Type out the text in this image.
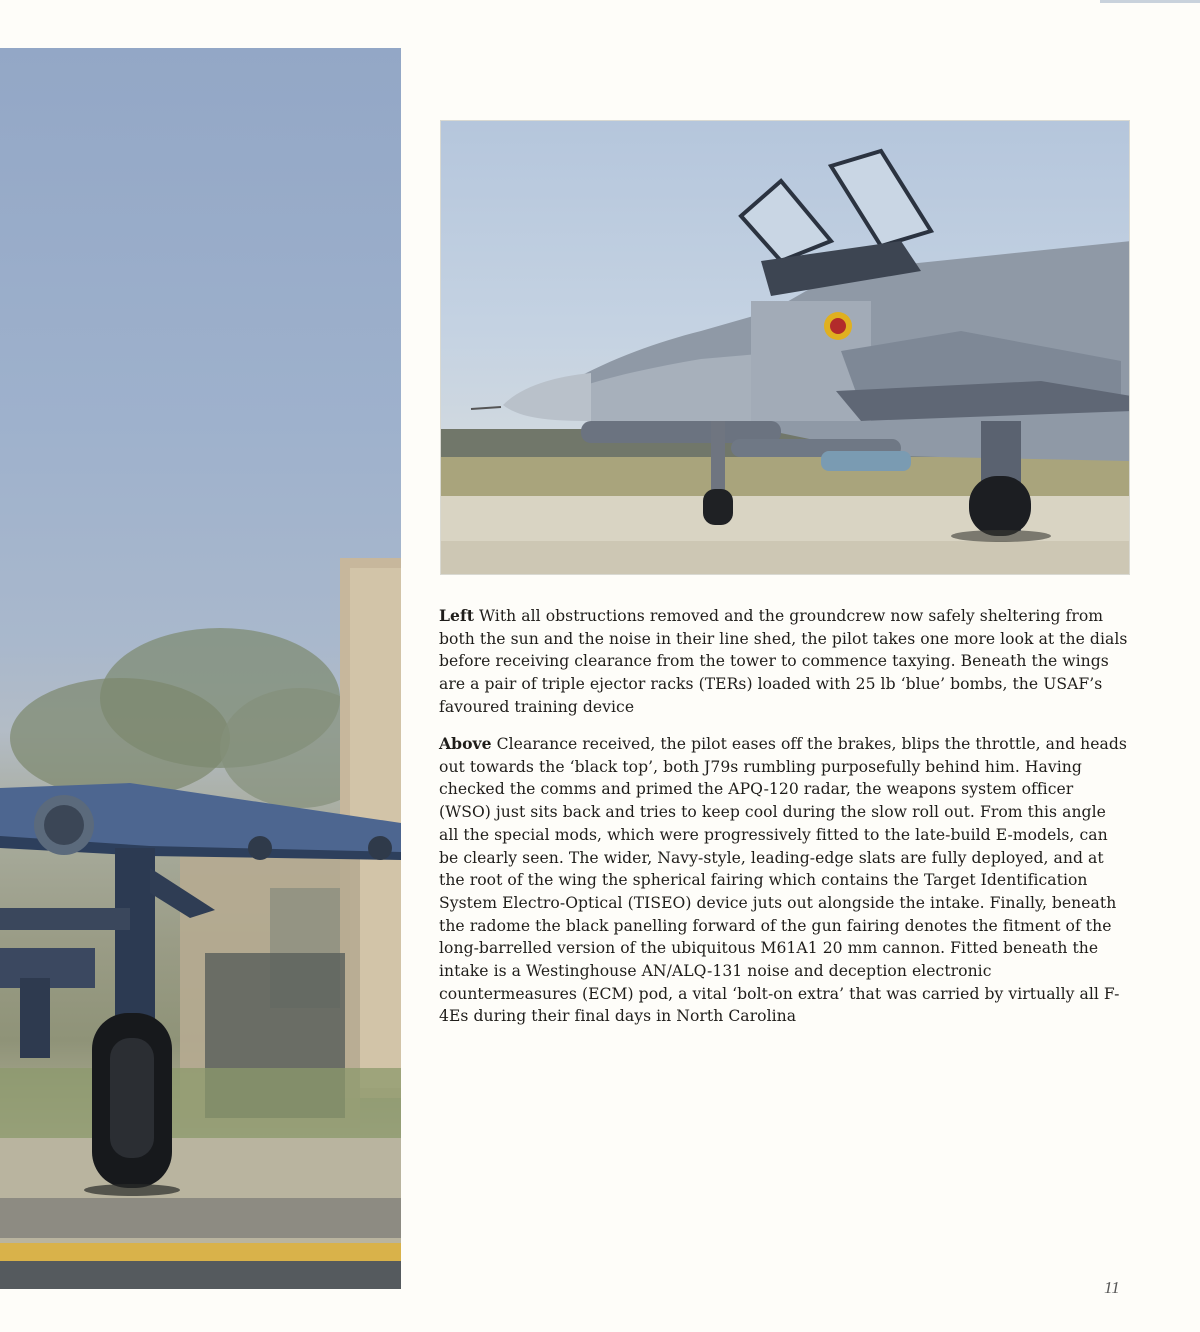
Left With all obstructions removed and the groundcrew now safely sheltering from both the sun and the noise in their line shed, the pilot takes one more look at the dials before receiving clearance from the tower to commence taxying. Beneath the wings are a pair of triple ejector racks (TERs) loaded with 25 lb ‘blue’ bombs, the USAF’s favoured training device

Above Clearance received, the pilot eases off the brakes, blips the throttle, and heads out towards the ‘black top’, both J79s rumbling purposefully behind him. Having checked the comms and primed the APQ-120 radar, the weapons system officer (WSO) just sits back and tries to keep cool during the slow roll out. From this angle all the special mods, which were progressively fitted to the late-build E-models, can be clearly seen. The wider, Navy-style, leading-edge slats are fully deployed, and at the root of the wing the spherical fairing which contains the Target Identification System Electro-Optical (TISEO) device juts out alongside the intake. Finally, beneath the radome the black panelling forward of the gun fairing denotes the fitment of the long-barrelled version of the ubiquitous M61A1 20 mm cannon. Fitted beneath the intake is a Westinghouse AN/ALQ-131 noise and deception electronic countermeasures (ECM) pod, a vital ‘bolt-on extra’ that was carried by virtually all F-4Es during their final days in North Carolina

11
